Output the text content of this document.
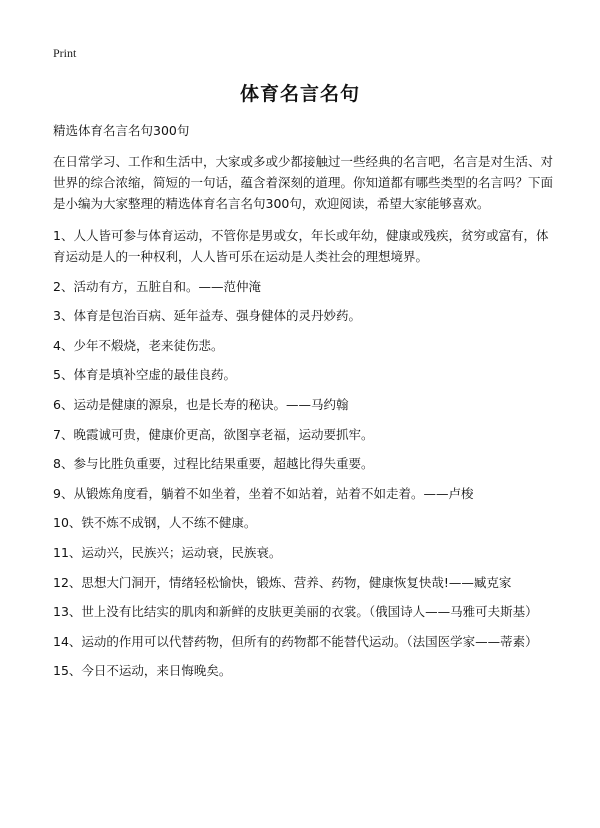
Print
体育名言名句

精选体育名言名句300句

在日常学习、工作和生活中，大家或多或少都接触过一些经典的名言吧，名言是对生活、对世界的综合浓缩，简短的一句话，蕴含着深刻的道理。你知道都有哪些类型的名言吗？下面是小编为大家整理的精选体育名言名句300句，欢迎阅读，希望大家能够喜欢。

1、人人皆可参与体育运动，不管你是男或女，年长或年幼，健康或残疾，贫穷或富有，体育运动是人的一种权利，人人皆可乐在运动是人类社会的理想境界。

2、活动有方，五脏自和。——范仲淹

3、体育是包治百病、延年益寿、强身健体的灵丹妙药。

4、少年不煅烧，老来徒伤悲。

5、体育是填补空虚的最佳良药。

6、运动是健康的源泉，也是长寿的秘诀。——马约翰

7、晚霞诚可贵，健康价更高，欲图享老福，运动要抓牢。

8、参与比胜负重要，过程比结果重要，超越比得失重要。

9、从锻炼角度看，躺着不如坐着，坐着不如站着，站着不如走着。——卢梭

10、铁不炼不成钢，人不练不健康。

11、运动兴，民族兴；运动衰，民族衰。

12、思想大门洞开，情绪轻松愉快，锻炼、营养、药物，健康恢复快哉!——臧克家

13、世上没有比结实的肌肉和新鲜的皮肤更美丽的衣裳。（俄国诗人——马雅可夫斯基）

14、运动的作用可以代替药物，但所有的药物都不能替代运动。（法国医学家——蒂素）

15、今日不运动，来日悔晚矣。
